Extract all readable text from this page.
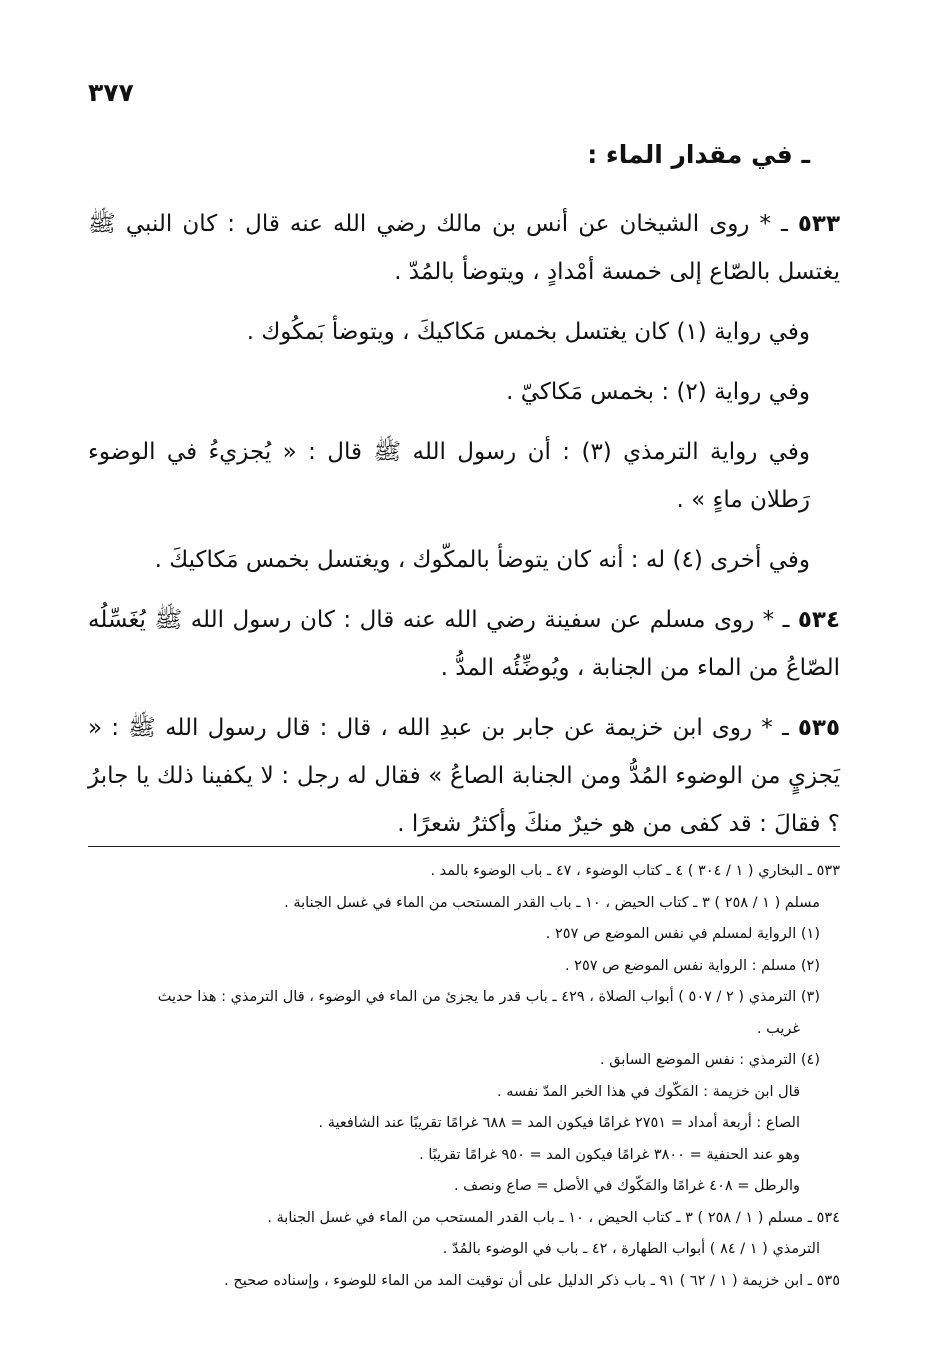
٣٧٧
ـ في مقدار الماء :

٥٣٣ ـ * روى الشيخان عن أنس بن مالك رضي الله عنه قال : كان النبي ﷺ يغتسل بالصّاع إلى خمسة أمْدادٍ ، ويتوضأ بالمُدّ .

وفي رواية (١) كان يغتسل بخمس مَكاكيكَ ، ويتوضأ بَمكُوك .

وفي رواية (٢) : بخمس مَكاكيّ .

وفي رواية الترمذي (٣) : أن رسول الله ﷺ قال : « يُجزيءُ في الوضوء رَطلان ماءٍ » .

وفي أخرى (٤) له : أنه كان يتوضأ بالمكّوك ، ويغتسل بخمس مَكاكيكَ .

٥٣٤ ـ * روى مسلم عن سفينة رضي الله عنه قال : كان رسول الله ﷺ يُغَسِّلُه الصّاعُ من الماء من الجنابة ، ويُوضِّئُه المدُّ .

٥٣٥ ـ * روى ابن خزيمة عن جابر بن عبدِ الله ، قال : قال رسول الله ﷺ : « يَجزيٍ من الوضوء المُدُّ ومن الجنابة الصاعُ » فقال له رجل : لا يكفينا ذلك يا جابرُ ؟ فقالَ : قد كفى من هو خيرٌ منكَ وأكثرُ شعرًا .

٥٣٣ ـ البخاري ( ١ / ٣٠٤ ) ٤ ـ كتاب الوضوء ، ٤٧ ـ باب الوضوء بالمد .

مسلم ( ١ / ٢٥٨ ) ٣ ـ كتاب الحيض ، ١٠ ـ باب القدر المستحب من الماء في غسل الجنابة .

(١) الرواية لمسلم في نفس الموضع ص ٢٥٧ .

(٢) مسلم : الرواية نفس الموضع ص ٢٥٧ .

(٣) الترمذي ( ٢ / ٥٠٧ ) أبواب الصلاة ، ٤٢٩ ـ باب قدر ما يجزئ من الماء في الوضوء ، قال الترمذي : هذا حديث

غريب .

(٤) الترمذي : نفس الموضع السابق .

قال ابن خزيمة : المَكّوك في هذا الخبر المدّ نفسه .

الصاع : أربعة أمداد = ٢٧٥١ غرامًا فيكون المد = ٦٨٨ غرامًا تقريبًا عند الشافعية .

وهو عند الحنفية = ٣٨٠٠ غرامًا فيكون المد = ٩٥٠ غرامًا تقريبًا .

والرطل = ٤٠٨ غرامًا والمَكّوك في الأصل = صاع ونصف .

٥٣٤ ـ مسلم ( ١ / ٢٥٨ ) ٣ ـ كتاب الحيض ، ١٠ ـ باب القدر المستحب من الماء في غسل الجنابة .

الترمذي ( ١ / ٨٤ ) أبواب الطهارة ، ٤٢ ـ باب في الوضوء بالمُدّ .

٥٣٥ ـ ابن خزيمة ( ١ / ٦٢ ) ٩١ ـ باب ذكر الدليل على أن توقيت المد من الماء للوضوء ، وإسناده صحيح .
